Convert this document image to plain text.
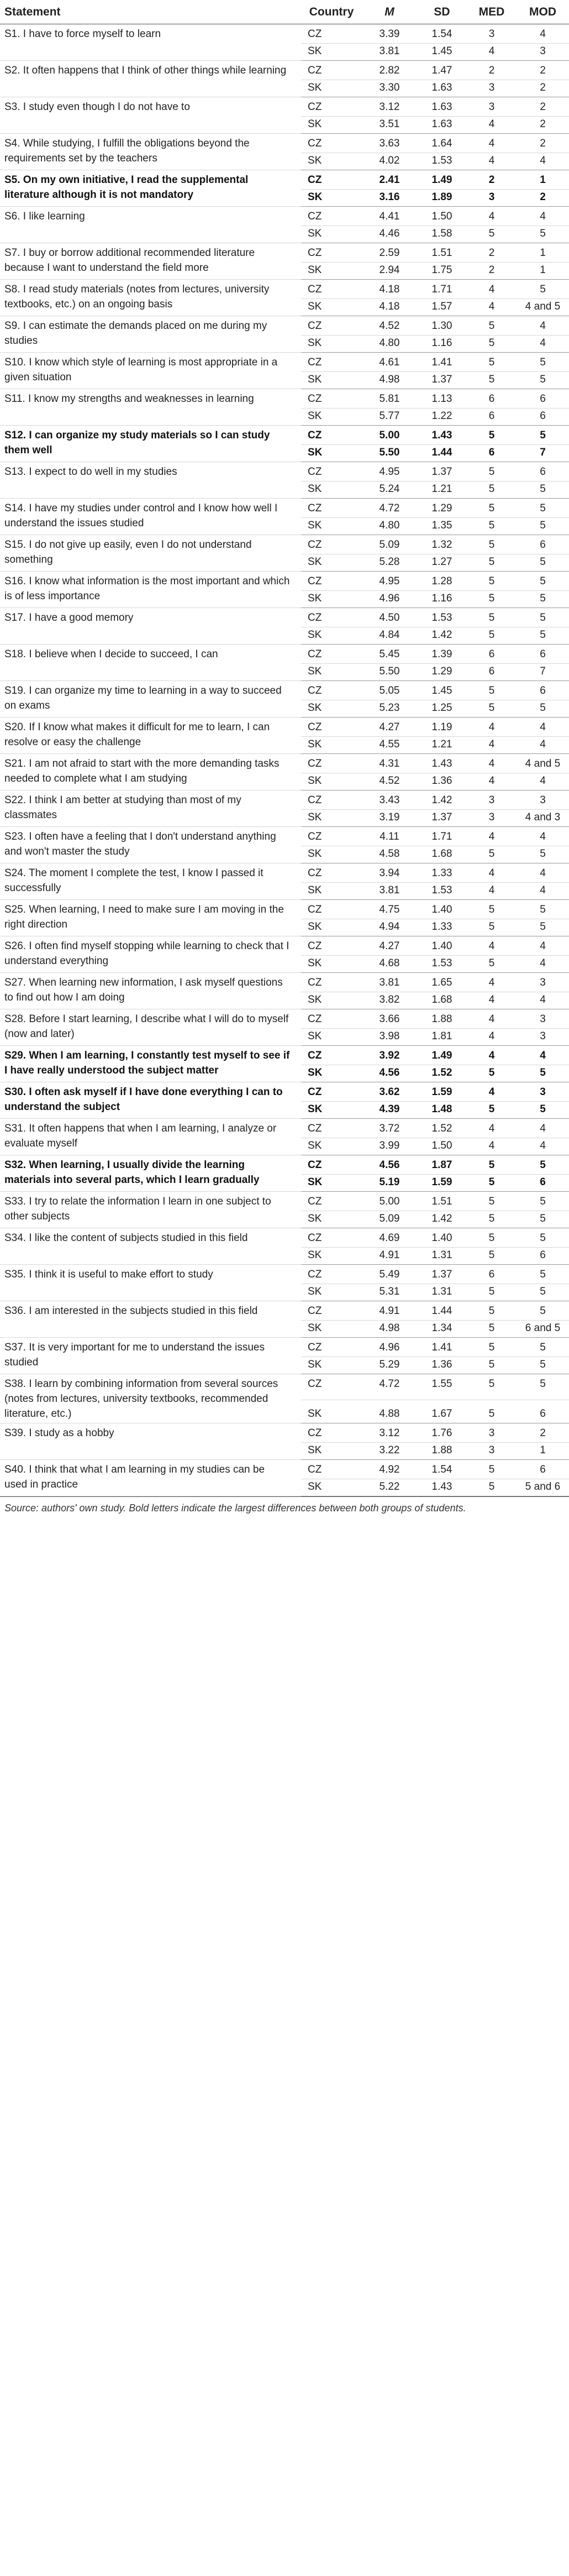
Statement	Country	M	SD	MED	MOD
S1. I have to force myself to learn	CZ	3.39	1.54	3	4
	SK	3.81	1.45	4	3
S2. It often happens that I think of other things while learning	CZ	2.82	1.47	2	2
	SK	3.30	1.63	3	2
S3. I study even though I do not have to	CZ	3.12	1.63	3	2
	SK	3.51	1.63	4	2
S4. While studying, I fulfill the obligations beyond the requirements set by the teachers	CZ	3.63	1.64	4	2
	SK	4.02	1.53	4	4
S5. On my own initiative, I read the supplemental literature although it is not mandatory	CZ	2.41	1.49	2	1
	SK	3.16	1.89	3	2
S6. I like learning	CZ	4.41	1.50	4	4
	SK	4.46	1.58	5	5
S7. I buy or borrow additional recommended literature because I want to understand the field more	CZ	2.59	1.51	2	1
	SK	2.94	1.75	2	1
S8. I read study materials (notes from lectures, university textbooks, etc.) on an ongoing basis	CZ	4.18	1.71	4	5
	SK	4.18	1.57	4	4 and 5
S9. I can estimate the demands placed on me during my studies	CZ	4.52	1.30	5	4
	SK	4.80	1.16	5	4
S10. I know which style of learning is most appropriate in a given situation	CZ	4.61	1.41	5	5
	SK	4.98	1.37	5	5
S11. I know my strengths and weaknesses in learning	CZ	5.81	1.13	6	6
	SK	5.77	1.22	6	6
S12. I can organize my study materials so I can study them well	CZ	5.00	1.43	5	5
	SK	5.50	1.44	6	7
S13. I expect to do well in my studies	CZ	4.95	1.37	5	6
	SK	5.24	1.21	5	5
S14. I have my studies under control and I know how well I understand the issues studied	CZ	4.72	1.29	5	5
	SK	4.80	1.35	5	5
S15. I do not give up easily, even I do not understand something	CZ	5.09	1.32	5	6
	SK	5.28	1.27	5	5
S16. I know what information is the most important and which is of less importance	CZ	4.95	1.28	5	5
	SK	4.96	1.16	5	5
S17. I have a good memory	CZ	4.50	1.53	5	5
	SK	4.84	1.42	5	5
S18. I believe when I decide to succeed, I can	CZ	5.45	1.39	6	6
	SK	5.50	1.29	6	7
S19. I can organize my time to learning in a way to succeed on exams	CZ	5.05	1.45	5	6
	SK	5.23	1.25	5	5
S20. If I know what makes it difficult for me to learn, I can resolve or easy the challenge	CZ	4.27	1.19	4	4
	SK	4.55	1.21	4	4
S21. I am not afraid to start with the more demanding tasks needed to complete what I am studying	CZ	4.31	1.43	4	4 and 5
	SK	4.52	1.36	4	4
S22. I think I am better at studying than most of my classmates	CZ	3.43	1.42	3	3
	SK	3.19	1.37	3	4 and 3
S23. I often have a feeling that I don't understand anything and won't master the study	CZ	4.11	1.71	4	4
	SK	4.58	1.68	5	5
S24. The moment I complete the test, I know I passed it successfully	CZ	3.94	1.33	4	4
	SK	3.81	1.53	4	4
S25. When learning, I need to make sure I am moving in the right direction	CZ	4.75	1.40	5	5
	SK	4.94	1.33	5	5
S26. I often find myself stopping while learning to check that I understand everything	CZ	4.27	1.40	4	4
	SK	4.68	1.53	5	4
S27. When learning new information, I ask myself questions to find out how I am doing	CZ	3.81	1.65	4	3
	SK	3.82	1.68	4	4
S28. Before I start learning, I describe what I will do to myself (now and later)	CZ	3.66	1.88	4	3
	SK	3.98	1.81	4	3
S29. When I am learning, I constantly test myself to see if I have really understood the subject matter	CZ	3.92	1.49	4	4
	SK	4.56	1.52	5	5
S30. I often ask myself if I have done everything I can to understand the subject	CZ	3.62	1.59	4	3
	SK	4.39	1.48	5	5
S31. It often happens that when I am learning, I analyze or evaluate myself	CZ	3.72	1.52	4	4
	SK	3.99	1.50	4	4
S32. When learning, I usually divide the learning materials into several parts, which I learn gradually	CZ	4.56	1.87	5	5
	SK	5.19	1.59	5	6
S33. I try to relate the information I learn in one subject to other subjects	CZ	5.00	1.51	5	5
	SK	5.09	1.42	5	5
S34. I like the content of subjects studied in this field	CZ	4.69	1.40	5	5
	SK	4.91	1.31	5	6
S35. I think it is useful to make effort to study	CZ	5.49	1.37	6	5
	SK	5.31	1.31	5	5
S36. I am interested in the subjects studied in this field	CZ	4.91	1.44	5	5
	SK	4.98	1.34	5	6 and 5
S37. It is very important for me to understand the issues studied	CZ	4.96	1.41	5	5
	SK	5.29	1.36	5	5
S38. I learn by combining information from several sources (notes from lectures, university textbooks, recommended literature, etc.)	CZ	4.72	1.55	5	5
	SK	4.88	1.67	5	6
S39. I study as a hobby	CZ	3.12	1.76	3	2
	SK	3.22	1.88	3	1
S40. I think that what I am learning in my studies can be used in practice	CZ	4.92	1.54	5	6
	SK	5.22	1.43	5	5 and 6
Source: authors' own study. Bold letters indicate the largest differences between both groups of students.
